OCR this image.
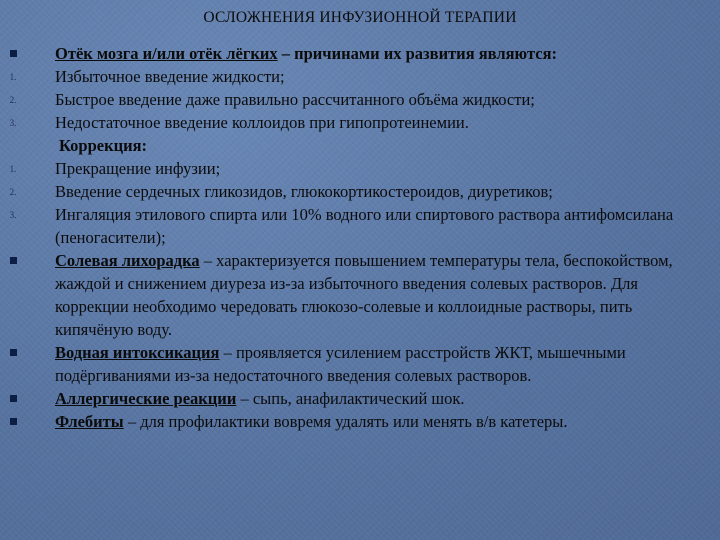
ОСЛОЖНЕНИЯ ИНФУЗИОННОЙ ТЕРАПИИ
Отёк мозга и/или отёк лёгких – причинами их развития являются:
1. Избыточное введение жидкости;
2. Быстрое введение даже правильно рассчитанного объёма жидкости;
3. Недостаточное введение коллоидов при гипопротеинемии.
Коррекция:
1. Прекращение инфузии;
2. Введение сердечных гликозидов, глюкокортикостероидов, диуретиков;
3. Ингаляция этилового спирта или 10% водного или спиртового раствора антифомсилана (пеногасители);
Солевая лихорадка – характеризуется повышением температуры тела, беспокойством, жаждой и снижением диуреза из-за избыточного введения солевых растворов. Для коррекции необходимо чередовать глюкозо-солевые и коллоидные растворы, пить кипячёную воду.
Водная интоксикация – проявляется усилением расстройств ЖКТ, мышечными подёргиваниями из-за недостаточного введения солевых растворов.
Аллергические реакции – сыпь, анафилактический шок.
Флебиты – для профилактики вовремя удалять или менять в/в катетеры.
